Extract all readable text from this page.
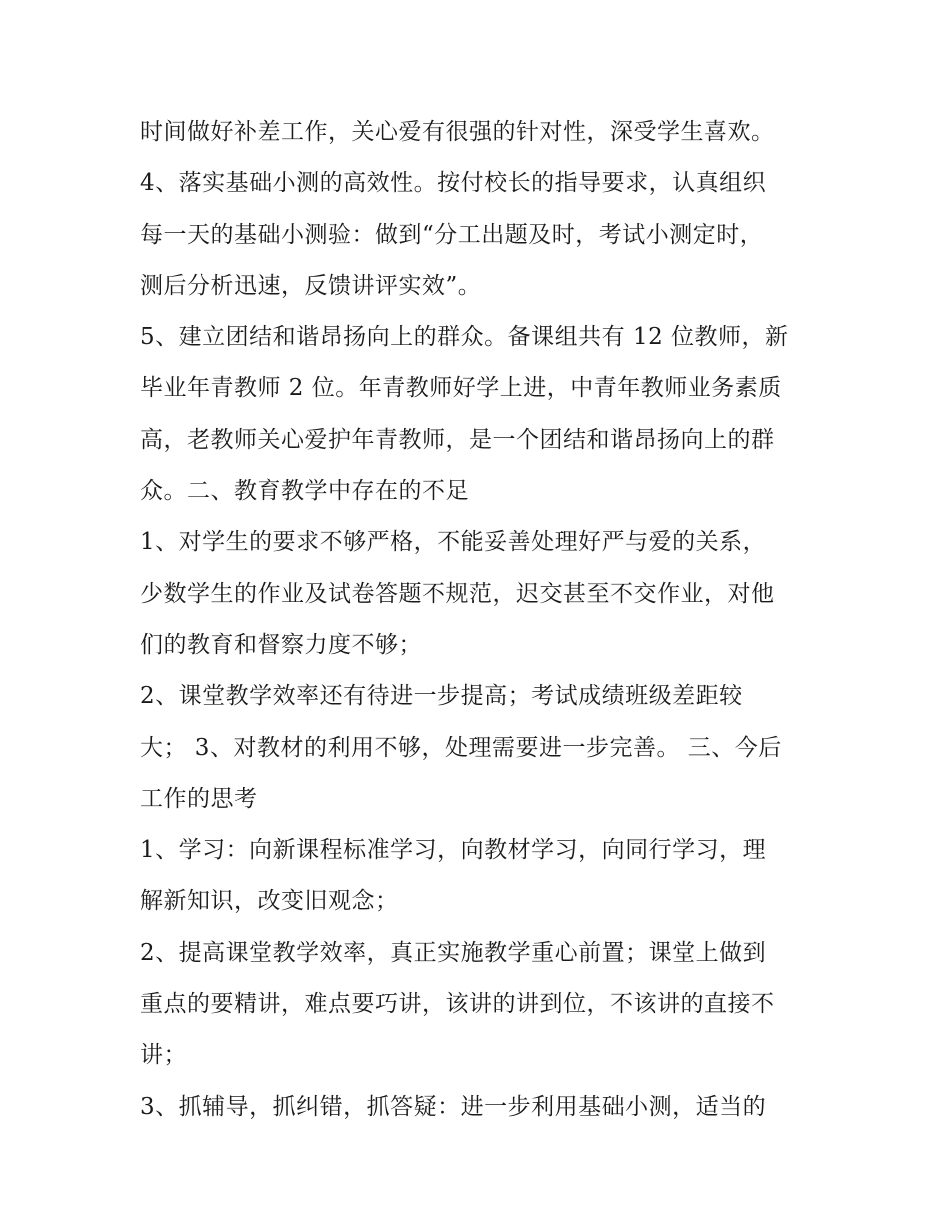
时间做好补差工作，关心爱有很强的针对性，深受学生喜欢。
4、落实基础小测的高效性。按付校长的指导要求，认真组织
每一天的基础小测验：做到“分工出题及时，考试小测定时，
测后分析迅速，反馈讲评实效”。
5、建立团结和谐昂扬向上的群众。备课组共有 12 位教师，新
毕业年青教师 2 位。年青教师好学上进，中青年教师业务素质
高，老教师关心爱护年青教师，是一个团结和谐昂扬向上的群
众。二、教育教学中存在的不足
1、对学生的要求不够严格，不能妥善处理好严与爱的关系，
少数学生的作业及试卷答题不规范，迟交甚至不交作业，对他
们的教育和督察力度不够；
2、课堂教学效率还有待进一步提高；考试成绩班级差距较
大； 3、对教材的利用不够，处理需要进一步完善。 三、今后
工作的思考
1、学习：向新课程标准学习，向教材学习，向同行学习，理
解新知识，改变旧观念；
2、提高课堂教学效率，真正实施教学重心前置；课堂上做到
重点的要精讲，难点要巧讲，该讲的讲到位，不该讲的直接不
讲；
3、抓辅导，抓纠错，抓答疑：进一步利用基础小测，适当的
